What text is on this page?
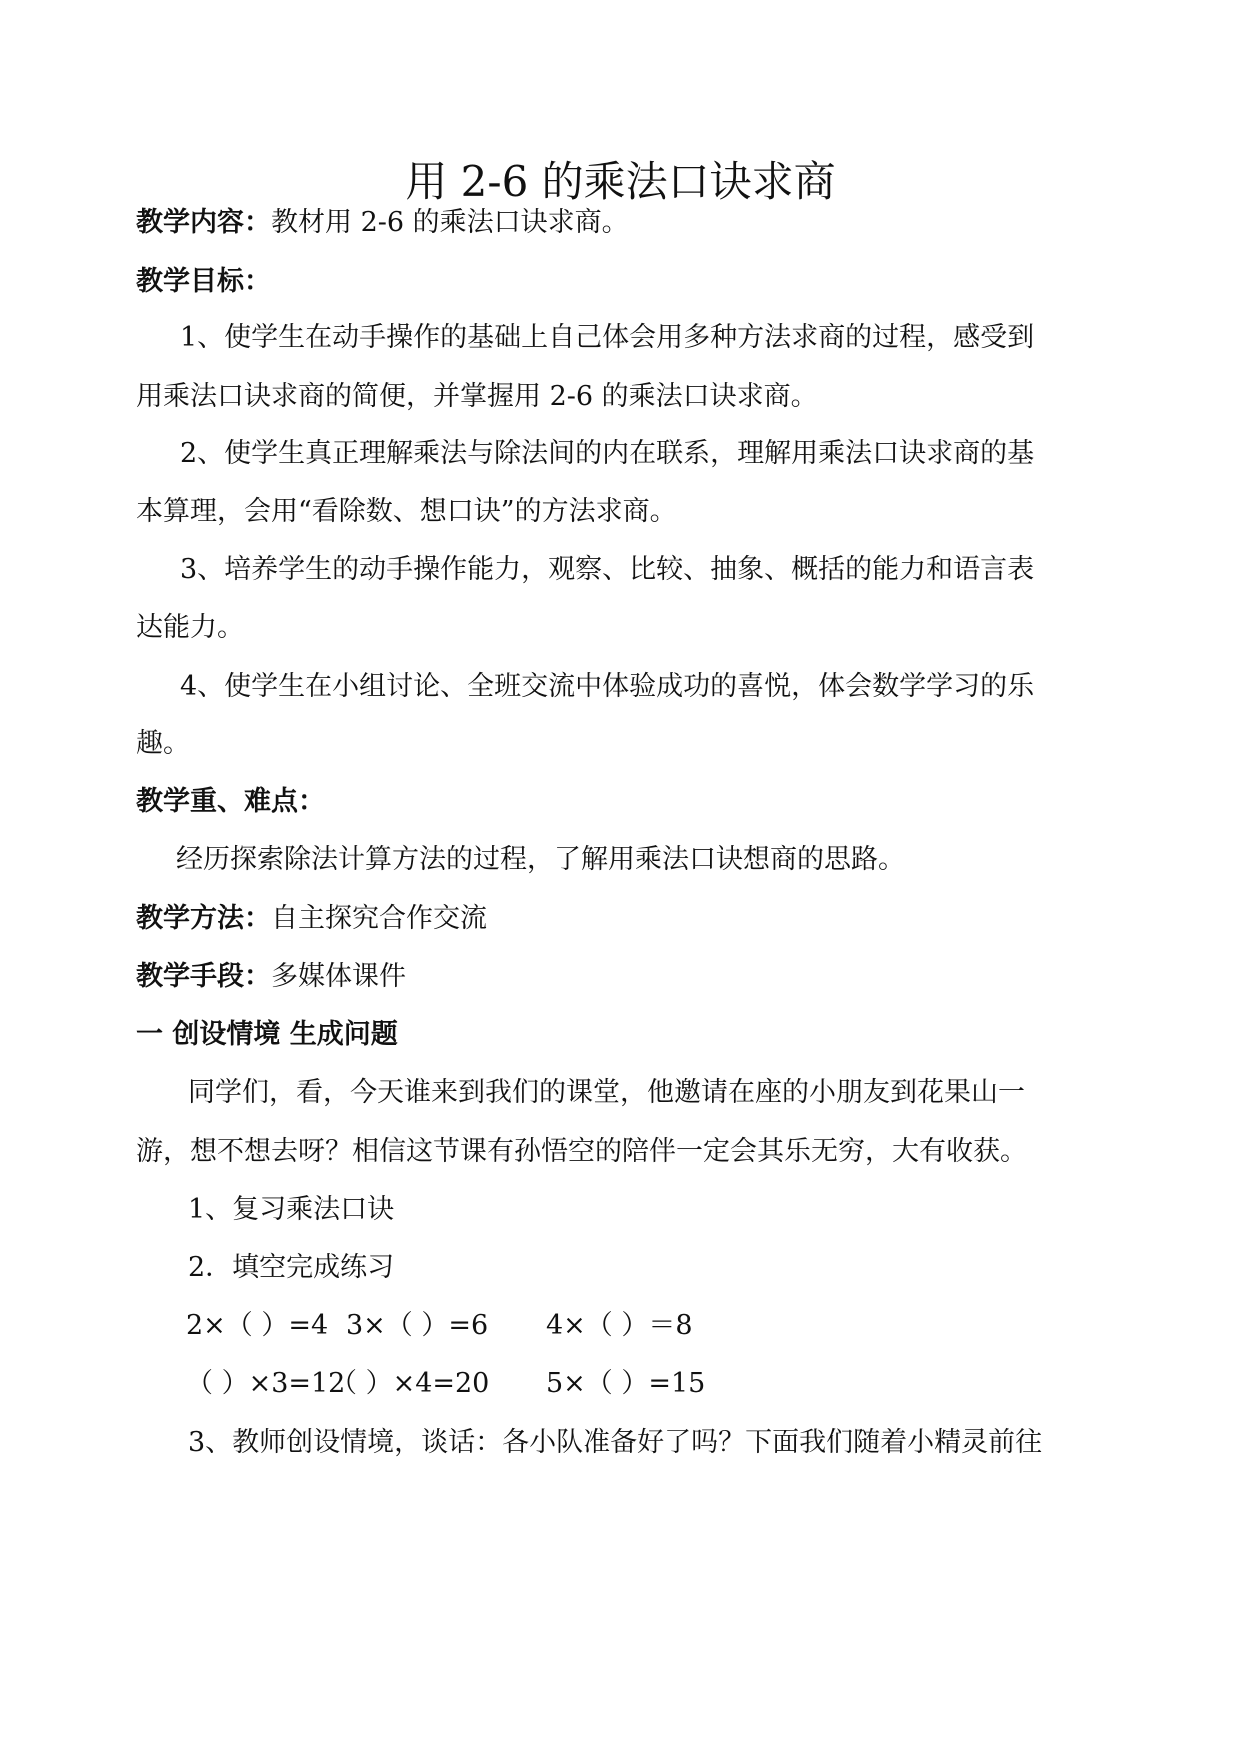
用 2-6 的乘法口诀求商
教学内容：教材用 2-6 的乘法口诀求商。
教学目标：
1、使学生在动手操作的基础上自己体会用多种方法求商的过程，感受到
用乘法口诀求商的简便，并掌握用 2-6 的乘法口诀求商。
2、使学生真正理解乘法与除法间的内在联系，理解用乘法口诀求商的基
本算理，会用“看除数、想口诀”的方法求商。
3、培养学生的动手操作能力，观察、比较、抽象、概括的能力和语言表
达能力。
4、使学生在小组讨论、全班交流中体验成功的喜悦，体会数学学习的乐
趣。
教学重、难点：
经历探索除法计算方法的过程，了解用乘法口诀想商的思路。
教学方法：自主探究合作交流
教学手段：多媒体课件
一 创设情境 生成问题
同学们，看，今天谁来到我们的课堂，他邀请在座的小朋友到花果山一
游，想不想去呀？相信这节课有孙悟空的陪伴一定会其乐无穷，大有收获。
1、复习乘法口诀
2．填空完成练习
2×（ ）=4 3×（ ）=6 4×（ ）＝8
（ ）×3=12
（ ）×4=20 5×（ ）=15
3、教师创设情境，谈话：各小队准备好了吗？下面我们随着小精灵前往
